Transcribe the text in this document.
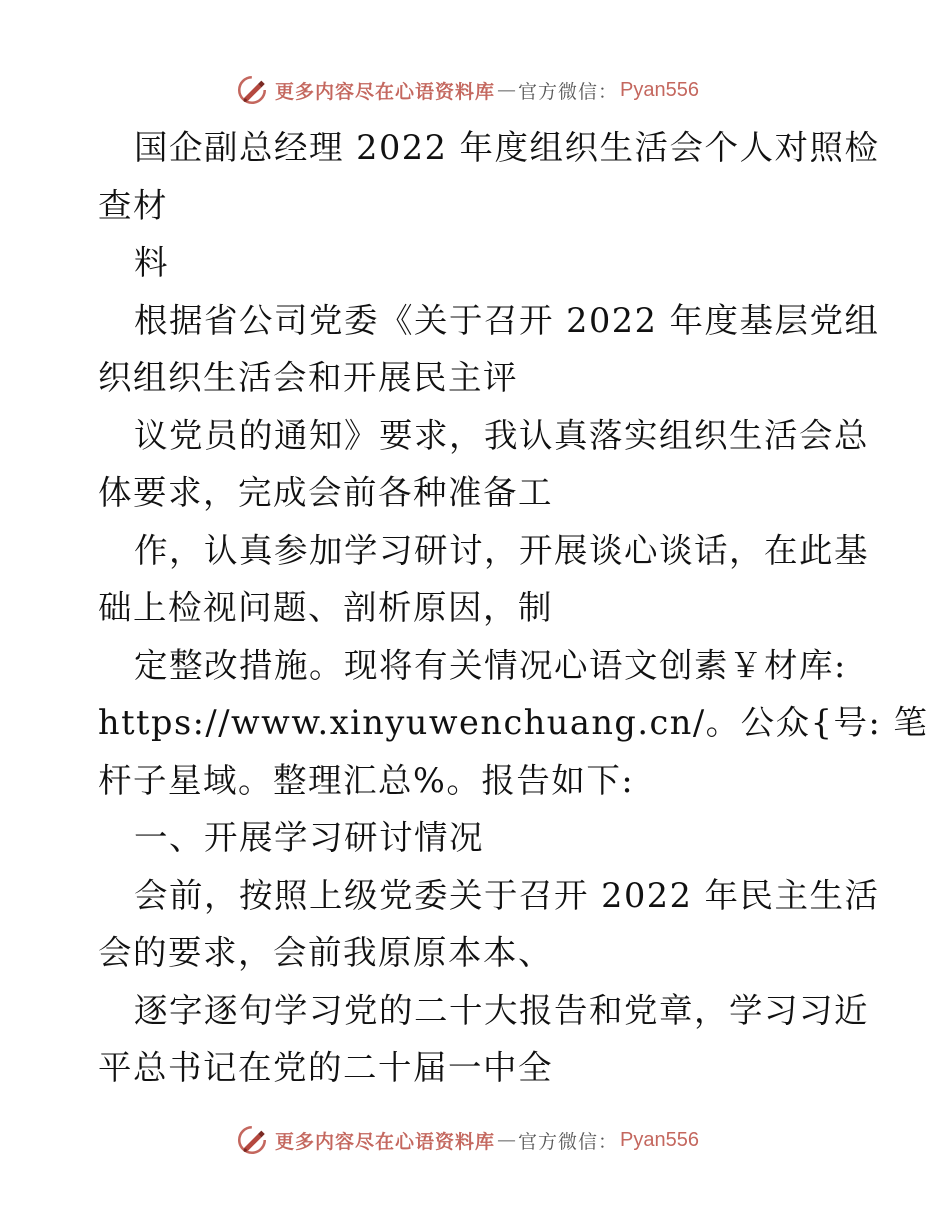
更多内容尽在心语资料库 — 官方微信： Pyan556
国企副总经理 2022 年度组织生活会个人对照检
查材
料
根据省公司党委《关于召开 2022 年度基层党组
织组织生活会和开展民主评
议党员的通知》要求，我认真落实组织生活会总
体要求，完成会前各种准备工
作，认真参加学习研讨，开展谈心谈话，在此基
础上检视问题、剖析原因，制
定整改措施。现将有关情况心语文创素￥材库:
https://www.xinyuwenchuang.cn/。公众{号: 笔
杆子星域。整理汇总%。报告如下:
一、开展学习研讨情况
会前，按照上级党委关于召开 2022 年民主生活
会的要求，会前我原原本本、
逐字逐句学习党的二十大报告和党章，学习习近
平总书记在党的二十届一中全
更多内容尽在心语资料库 — 官方微信： Pyan556
